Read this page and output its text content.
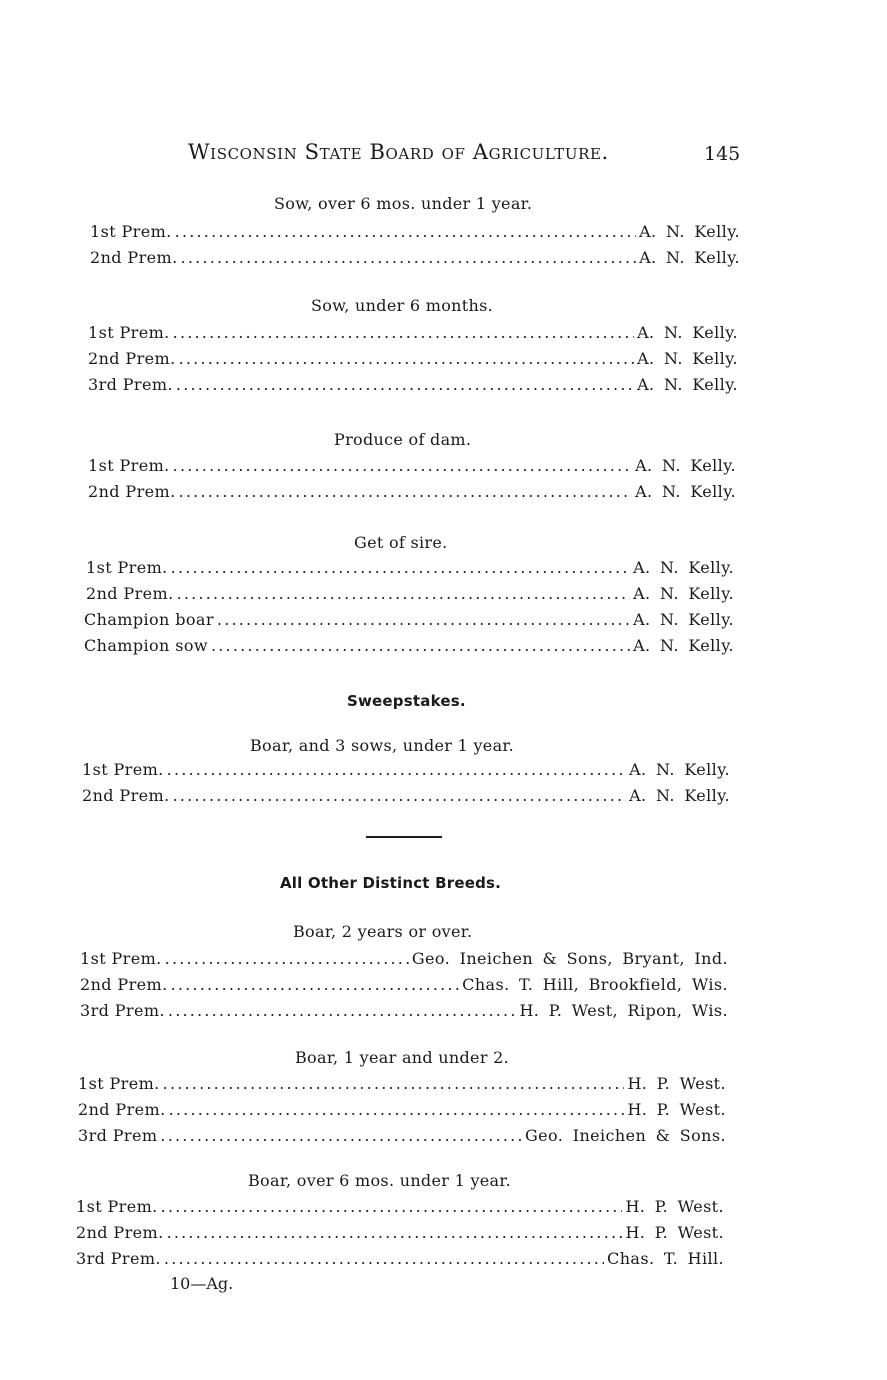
Wisconsin State Board of Agriculture.	145
Sow, over 6 mos. under 1 year.
1st Prem. .....	A. N. Kelly.
2nd Prem. .....	A. N. Kelly.
Sow, under 6 months.
1st Prem. .....	A. N. Kelly.
2nd Prem. .....	A. N. Kelly.
3rd Prem. .....	A. N. Kelly.
Produce of dam.
1st Prem. .....	A. N. Kelly.
2nd Prem. .....	A. N. Kelly.
Get of sire.
1st Prem. .....	A. N. Kelly.
2nd Prem. .....	A. N. Kelly.
Champion boar .....	A. N. Kelly.
Champion sow .....	A. N. Kelly.
Sweepstakes.
Boar, and 3 sows, under 1 year.
1st Prem. .....	A. N. Kelly.
2nd Prem. .....	A. N. Kelly.
All Other Distinct Breeds.
Boar, 2 years or over.
1st Prem. .....	Geo. Ineichen & Sons, Bryant, Ind.
2nd Prem. .....	Chas. T. Hill, Brookfield, Wis.
3rd Prem. .....	H. P. West, Ripon, Wis.
Boar, 1 year and under 2.
1st Prem. .....	H. P. West.
2nd Prem. .....	H. P. West.
3rd Prem .....	Geo. Ineichen & Sons.
Boar, over 6 mos. under 1 year.
1st Prem. .....	H. P. West.
2nd Prem. .....	H. P. West.
3rd Prem. .....	Chas. T. Hill.
10—Ag.
